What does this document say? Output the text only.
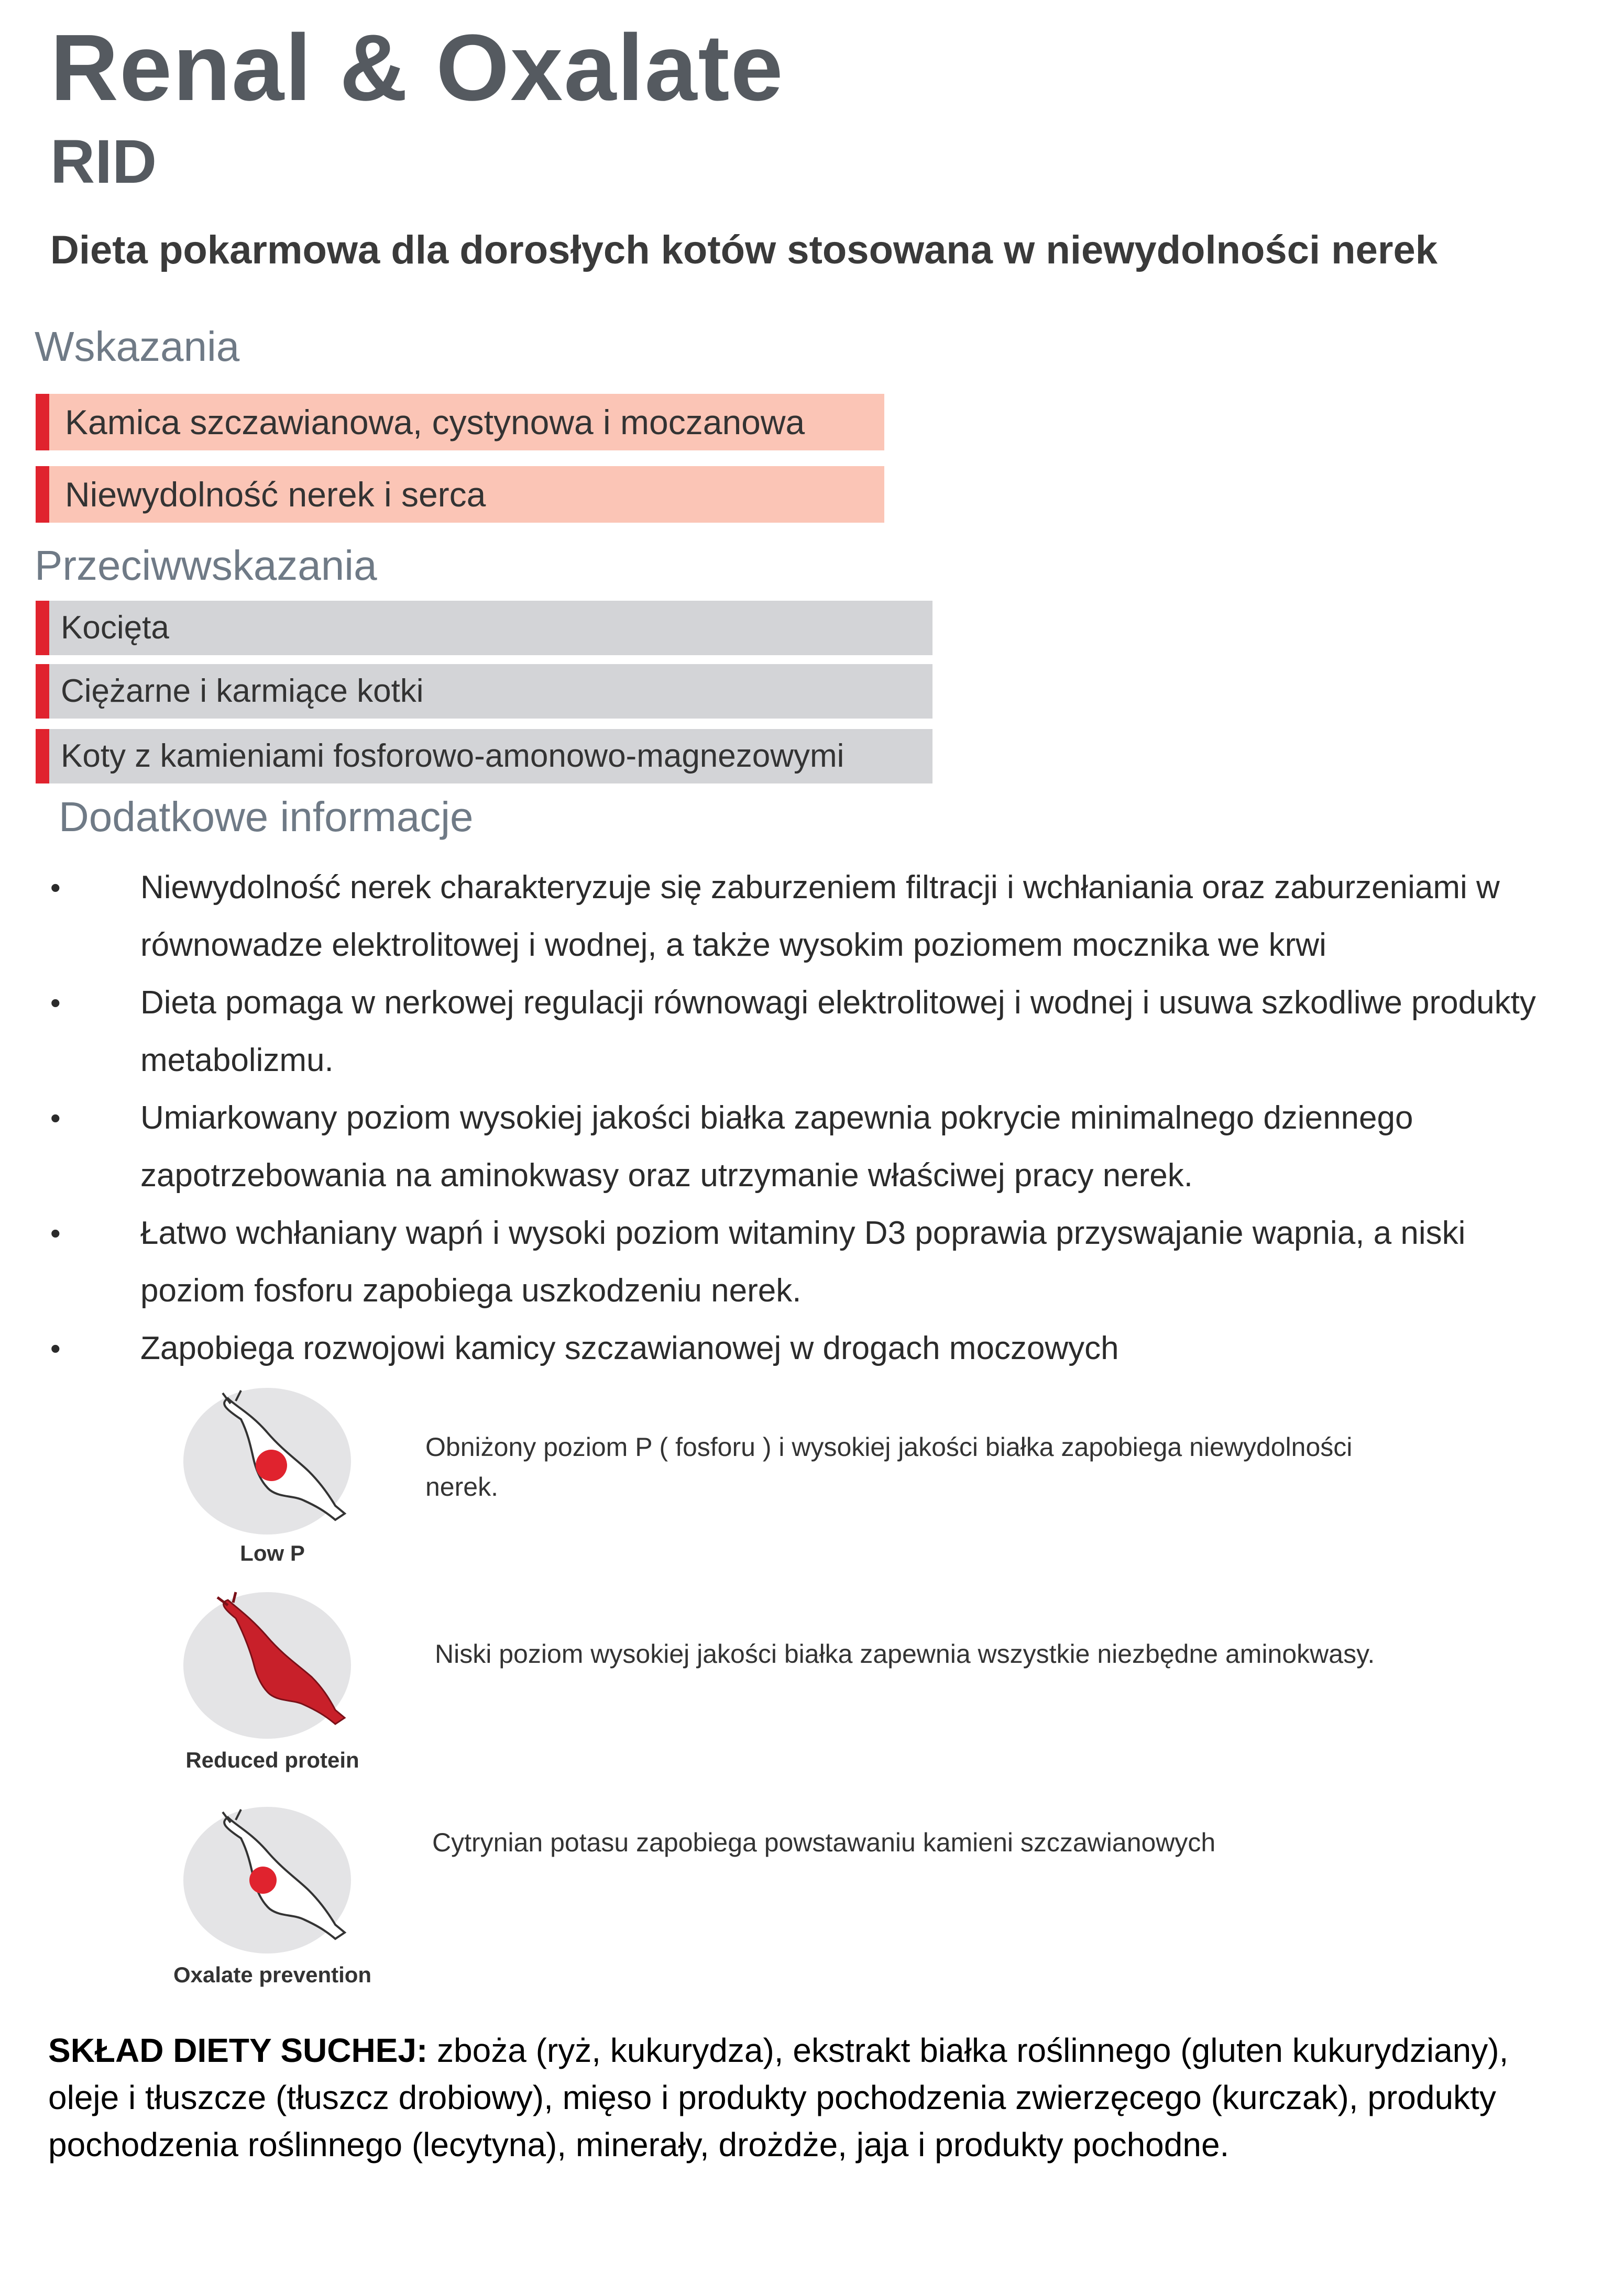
Renal & Oxalate
RID
Dieta pokarmowa dla dorosłych kotów stosowana w niewydolności nerek
Wskazania
Kamica szczawianowa, cystynowa i moczanowa
Niewydolność nerek i serca
Przeciwwskazania
Kocięta
Ciężarne i karmiące kotki
Koty z kamieniami fosforowo-amonowo-magnezowymi
Dodatkowe informacje
• Niewydolność nerek charakteryzuje się zaburzeniem filtracji i wchłaniania oraz zaburzeniami w równowadze elektrolitowej i wodnej, a także wysokim poziomem mocznika we krwi
• Dieta pomaga w nerkowej regulacji równowagi elektrolitowej i wodnej i usuwa szkodliwe produkty metabolizmu.
• Umiarkowany poziom wysokiej jakości białka zapewnia pokrycie minimalnego dziennego zapotrzebowania na aminokwasy oraz utrzymanie właściwej pracy nerek.
• Łatwo wchłaniany wapń i wysoki poziom witaminy D3 poprawia przyswajanie wapnia, a niski poziom fosforu zapobiega uszkodzeniu nerek.
• Zapobiega rozwojowi kamicy szczawianowej w drogach moczowych
Low P
Obniżony poziom P ( fosforu ) i wysokiej jakości białka zapobiega niewydolności nerek.
Reduced protein
Niski poziom wysokiej jakości białka zapewnia wszystkie niezbędne aminokwasy.
Oxalate prevention
Cytrynian potasu zapobiega powstawaniu kamieni szczawianowych
SKŁAD DIETY SUCHEJ: zboża (ryż, kukurydza), ekstrakt białka roślinnego (gluten kukurydziany), oleje i tłuszcze (tłuszcz drobiowy), mięso i produkty pochodzenia zwierzęcego (kurczak), produkty pochodzenia roślinnego (lecytyna), minerały, drożdże, jaja i produkty pochodne.
